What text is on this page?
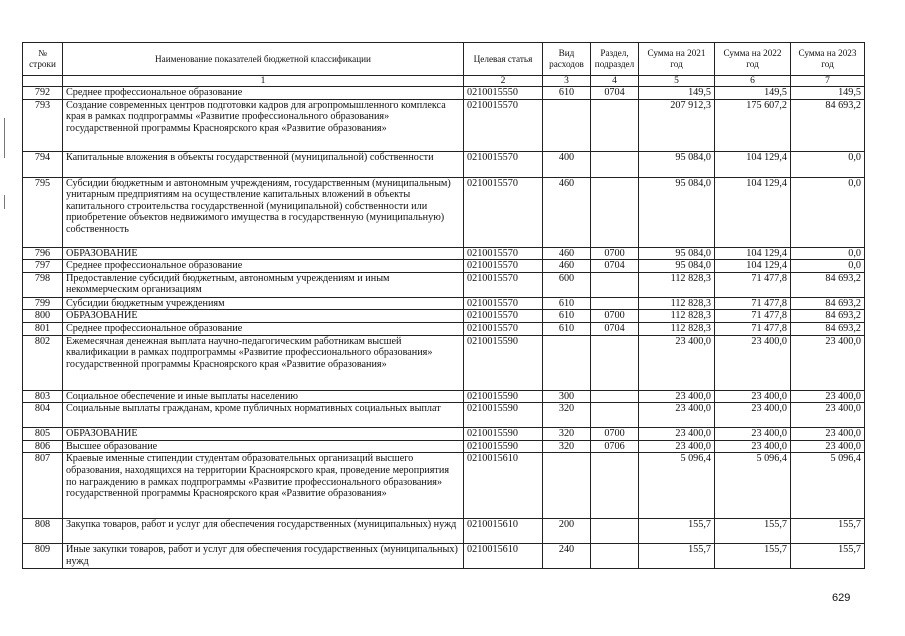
№ строки	Наименование показателей бюджетной классификации	Целевая статья	Вид расходов	Раздел, подраздел	Сумма на 2021 год	Сумма на 2022 год	Сумма на 2023 год
	1	2	3	4	5	6	7
792	Среднее профессиональное образование	0210015550	610	0704	149,5	149,5	149,5
793	Создание современных центров подготовки кадров для агропромышленного комплекса края в рамках подпрограммы «Развитие профессионального образования» государственной программы Красноярского края «Развитие образования»	0210015570			207 912,3	175 607,2	84 693,2
794	Капитальные вложения в объекты государственной (муниципальной) собственности	0210015570	400		95 084,0	104 129,4	0,0
795	Субсидии бюджетным и автономным учреждениям, государственным (муниципальным) унитарным предприятиям на осуществление капитальных вложений в объекты капитального строительства государственной (муниципальной) собственности или приобретение объектов недвижимого имущества в государственную (муниципальную) собственность	0210015570	460		95 084,0	104 129,4	0,0
796	ОБРАЗОВАНИЕ	0210015570	460	0700	95 084,0	104 129,4	0,0
797	Среднее профессиональное образование	0210015570	460	0704	95 084,0	104 129,4	0,0
798	Предоставление субсидий бюджетным, автономным учреждениям и иным некоммерческим организациям	0210015570	600		112 828,3	71 477,8	84 693,2
799	Субсидии бюджетным учреждениям	0210015570	610		112 828,3	71 477,8	84 693,2
800	ОБРАЗОВАНИЕ	0210015570	610	0700	112 828,3	71 477,8	84 693,2
801	Среднее профессиональное образование	0210015570	610	0704	112 828,3	71 477,8	84 693,2
802	Ежемесячная денежная выплата научно-педагогическим работникам высшей квалификации в рамках подпрограммы «Развитие профессионального образования» государственной программы Красноярского края «Развитие образования»	0210015590			23 400,0	23 400,0	23 400,0
803	Социальное обеспечение и иные выплаты населению	0210015590	300		23 400,0	23 400,0	23 400,0
804	Социальные выплаты гражданам, кроме публичных нормативных социальных выплат	0210015590	320		23 400,0	23 400,0	23 400,0
805	ОБРАЗОВАНИЕ	0210015590	320	0700	23 400,0	23 400,0	23 400,0
806	Высшее образование	0210015590	320	0706	23 400,0	23 400,0	23 400,0
807	Краевые именные стипендии студентам образовательных организаций высшего образования, находящихся на территории Красноярского края, проведение мероприятия по награждению в рамках подпрограммы «Развитие профессионального образования» государственной программы Красноярского края «Развитие образования»	0210015610			5 096,4	5 096,4	5 096,4
808	Закупка товаров, работ и услуг для обеспечения государственных (муниципальных) нужд	0210015610	200		155,7	155,7	155,7
809	Иные закупки товаров, работ и услуг для обеспечения государственных (муниципальных) нужд	0210015610	240		155,7	155,7	155,7
629
